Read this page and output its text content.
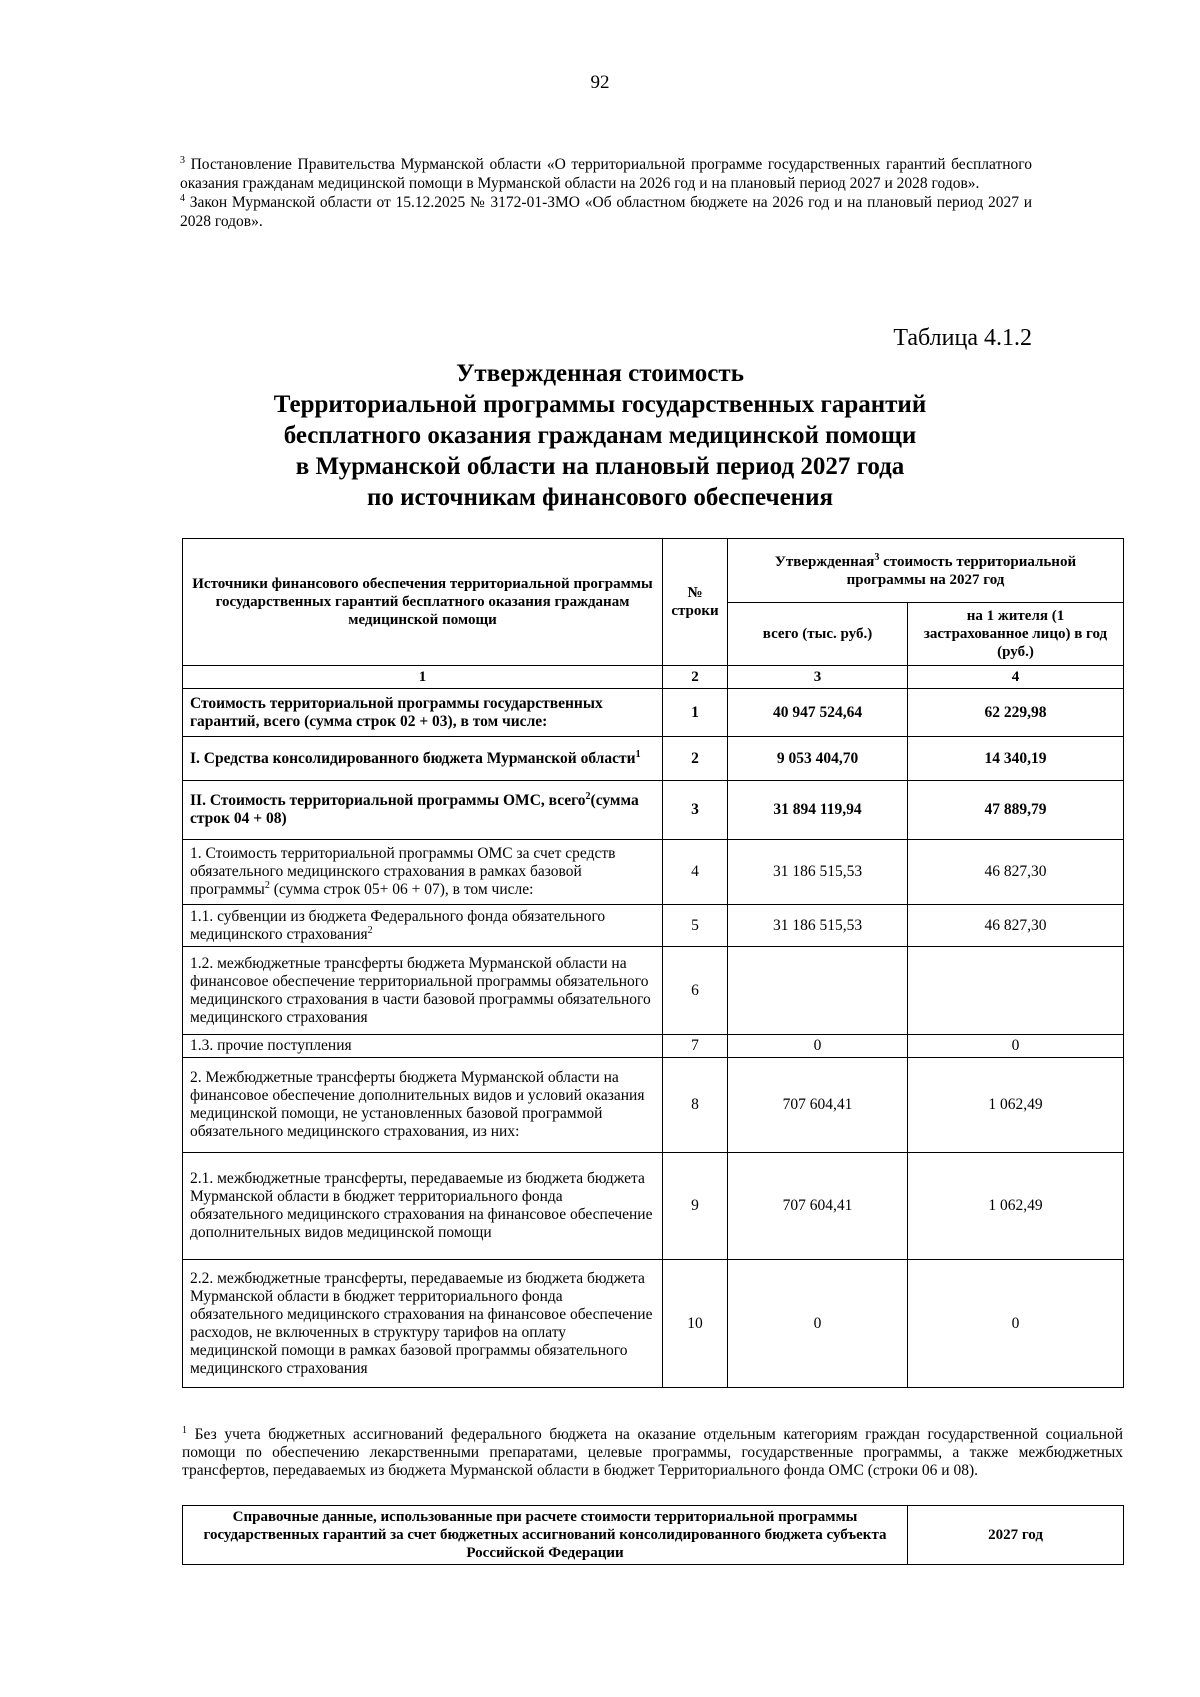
92

$^3$ Постановление Правительства Мурманской области «О территориальной программе государственных гарантий бесплатного оказания гражданам медицинской помощи в Мурманской области на 2026 год и на плановый период 2027 и 2028 годов».

$^4$ Закон Мурманской области от 15.12.2025 № 3172-01-ЗМО «Об областном бюджете на 2026 год и на плановый период 2027 и 2028 годов».

Таблица 4.1.2
Утвержденная стоимость
Территориальной программы государственных гарантий
бесплатного оказания гражданам медицинской помощи
в Мурманской области на плановый период 2027 года
по источникам финансового обеспечения
Источники финансового обеспечения территориальной программы государственных гарантий бесплатного оказания гражданам медицинской помощи	№ строки	Утвержденная$^3$ стоимость территориальной программы на 2027 год	
		всего (тыс. руб.)	на 1 жителя (1 застрахованное лицо) в год (руб.)
1	2	3	4
Стоимость территориальной программы государственных гарантий, всего (сумма строк 02 + 03), в том числе:	1	40 947 524,64	62 229,98
I. Средства консолидированного бюджета Мурманской области$^1$	2	9 053 404,70	14 340,19
II. Стоимость территориальной программы ОМС, всего$^2$(сумма строк 04 + 08)	3	31 894 119,94	47 889,79
1. Стоимость территориальной программы ОМС за счет средств обязательного медицинского страхования в рамках базовой программы$^2$ (сумма строк 05+ 06 + 07), в том числе:	4	31 186 515,53	46 827,30
1.1. субвенции из бюджета Федерального фонда обязательного медицинского страхования$^2$	5	31 186 515,53	46 827,30
1.2. межбюджетные трансферты бюджета Мурманской области на финансовое обеспечение территориальной программы обязательного медицинского страхования в части базовой программы обязательного медицинского страхования	6		
1.3. прочие поступления	7	0	0
2. Межбюджетные трансферты бюджета Мурманской области на финансовое обеспечение дополнительных видов и условий оказания медицинской помощи, не установленных базовой программой обязательного медицинского страхования, из них:	8	707 604,41	1 062,49
2.1. межбюджетные трансферты, передаваемые из бюджета бюджета Мурманской области в бюджет территориального фонда обязательного медицинского страхования на финансовое обеспечение дополнительных видов медицинской помощи	9	707 604,41	1 062,49
2.2. межбюджетные трансферты, передаваемые из бюджета бюджета Мурманской области в бюджет территориального фонда обязательного медицинского страхования на финансовое обеспечение расходов, не включенных в структуру тарифов на оплату медицинской помощи в рамках базовой программы обязательного медицинского страхования	10	0	0

$^1$ Без учета бюджетных ассигнований федерального бюджета на оказание отдельным категориям граждан государственной социальной помощи по обеспечению лекарственными препаратами, целевые программы, государственные программы, а также межбюджетных трансфертов, передаваемых из бюджета Мурманской области в бюджет Территориального фонда ОМС (строки 06 и 08).

Справочные данные, использованные при расчете стоимости территориальной программы государственных гарантий за счет бюджетных ассигнований консолидированного бюджета субъекта Российской Федерации	2027 год
